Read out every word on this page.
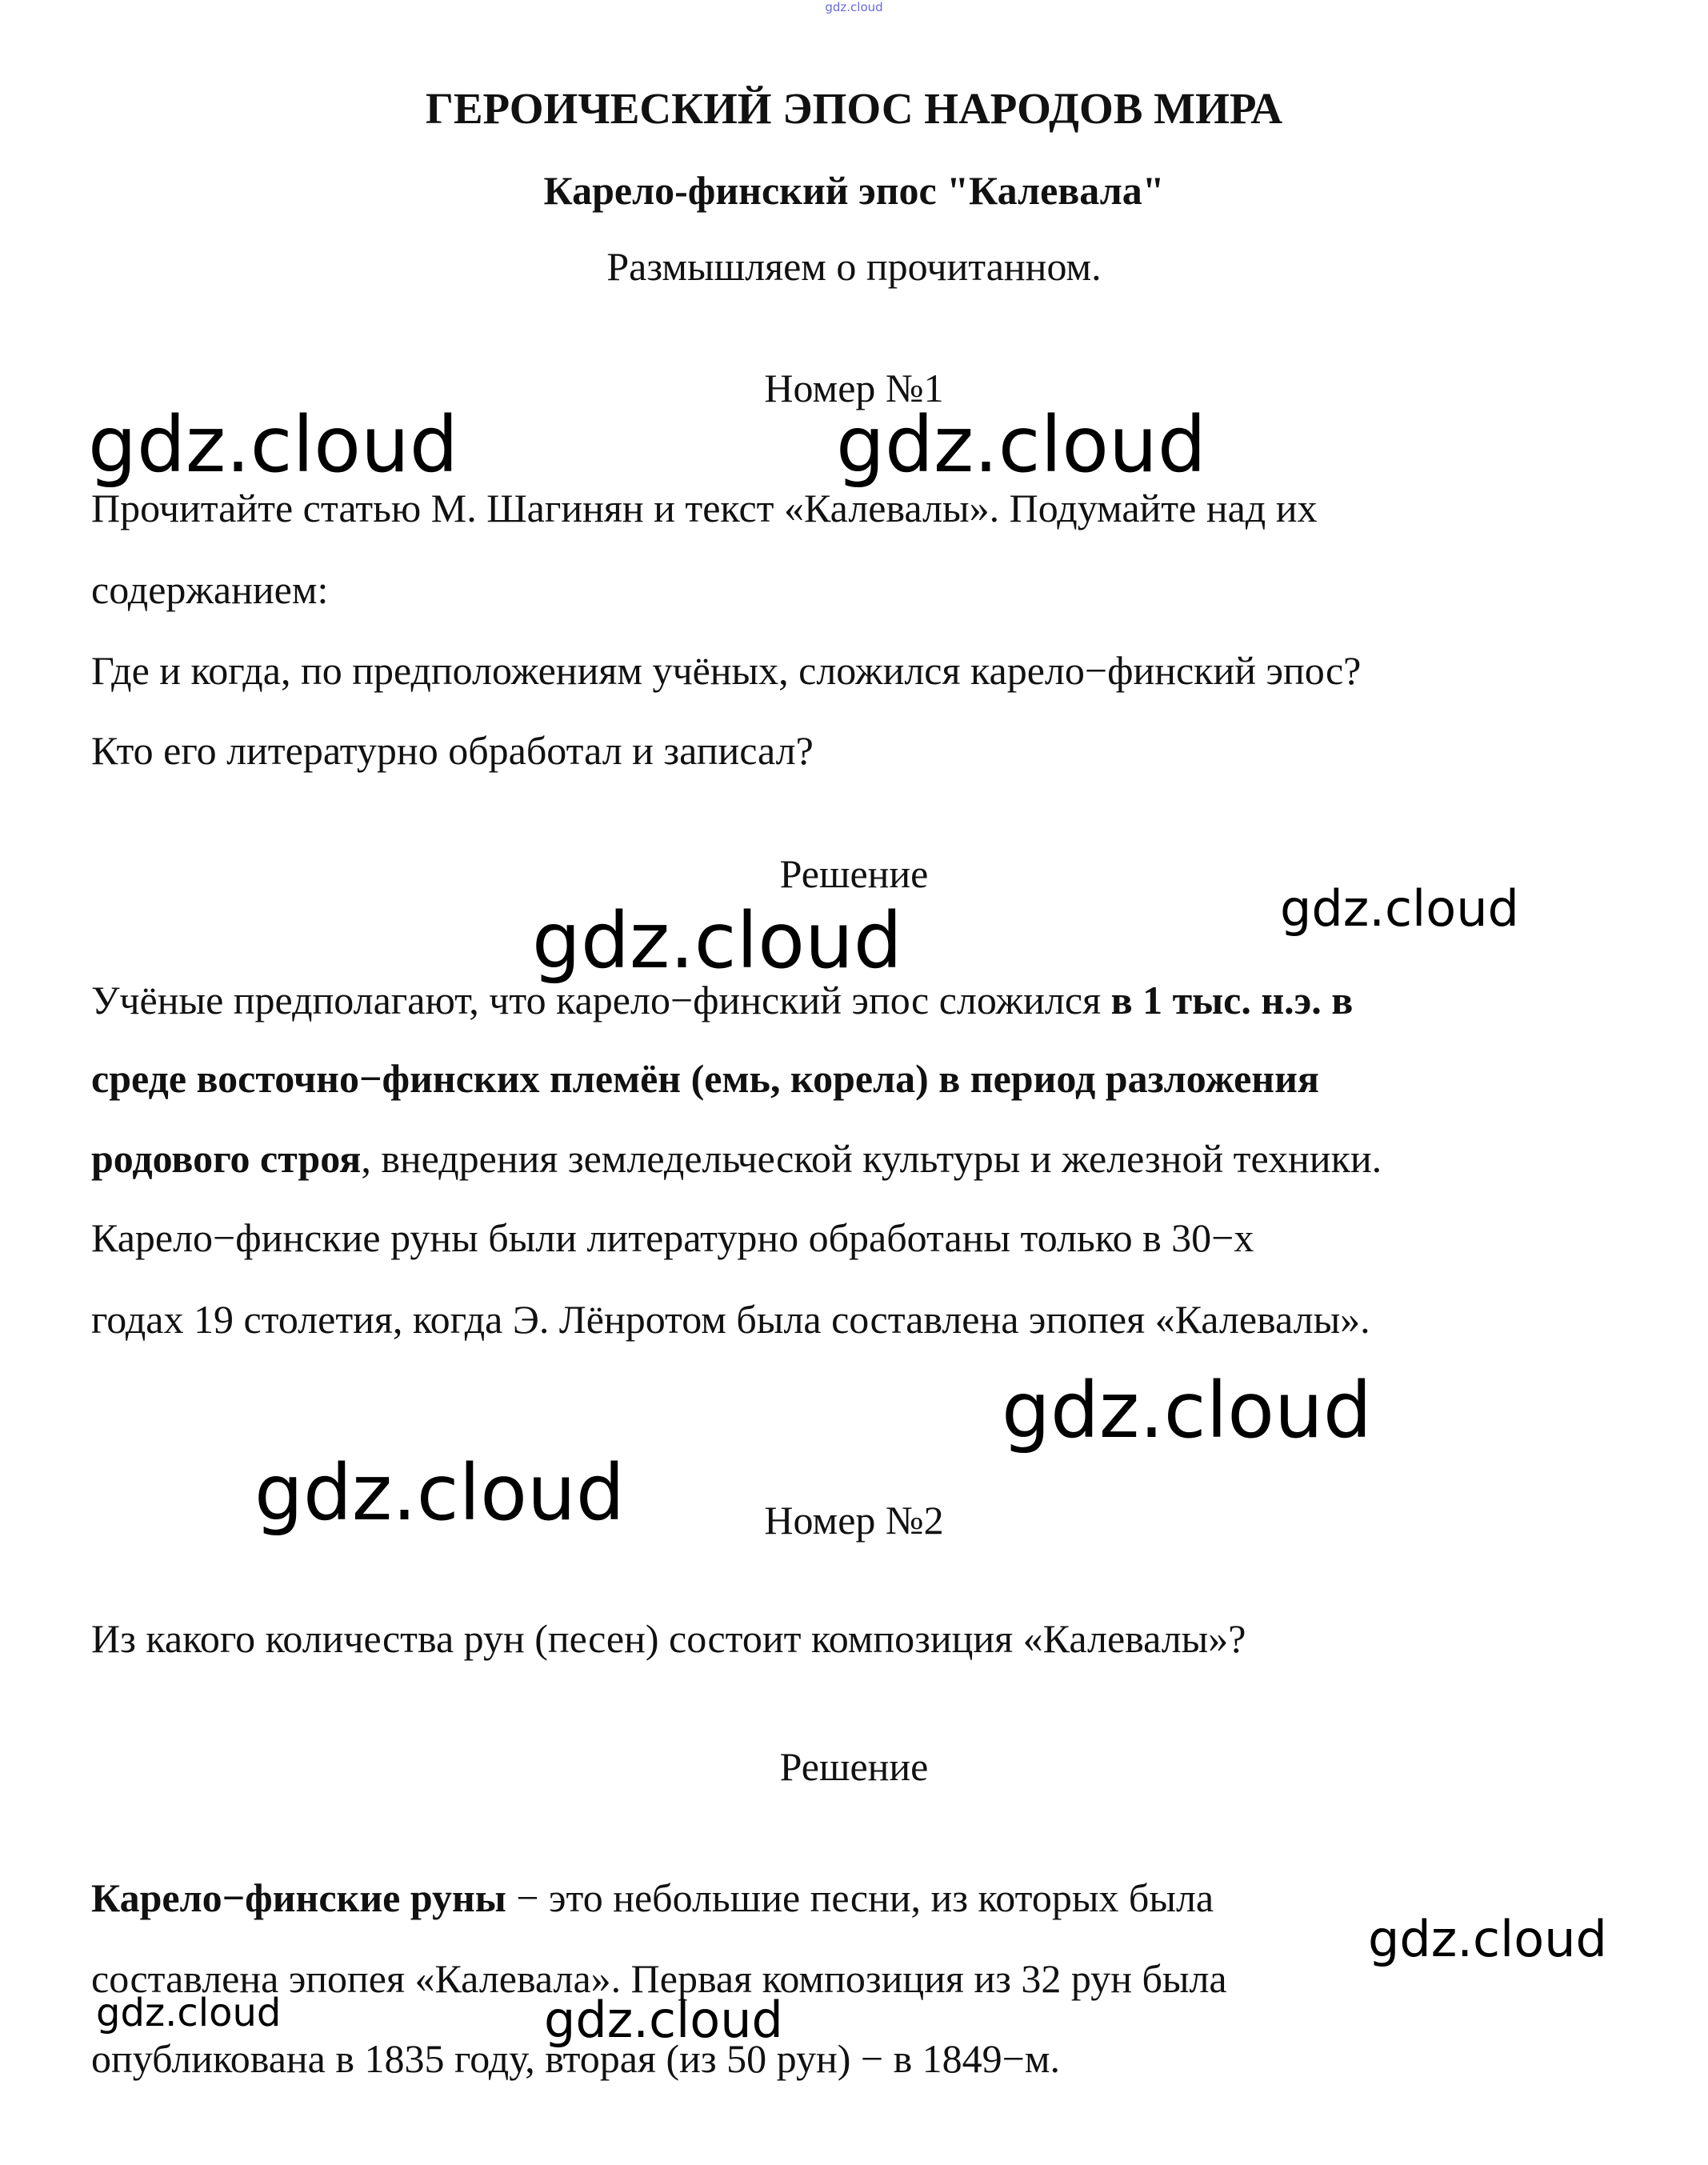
gdz.cloud
ГЕРОИЧЕСКИЙ ЭПОС НАРОДОВ МИРА
Карело-финский эпос "Калевала"
Размышляем о прочитанном.
Номер №1
gdz.cloud	gdz.cloud
Прочитайте статью М. Шагинян и текст «Калевалы». Подумайте над их
содержанием:
Где и когда, по предположениям учёных, сложился карело−финский эпос?
Кто его литературно обработал и записал?
Решение
gdz.cloud
gdz.cloud
Учёные предполагают, что карело−финский эпос сложился в 1 тыс. н.э. в
среде восточно−финских племён (емь, корела) в период разложения
родового строя, внедрения земледельческой культуры и железной техники.
Карело−финские руны были литературно обработаны только в 30−х
годах 19 столетия, когда Э. Лёнротом была составлена эпопея «Калевалы».
gdz.cloud
gdz.cloud	Номер №2
Из какого количества рун (песен) состоит композиция «Калевалы»?
Решение
Карело−финские руны − это небольшие песни, из которых была
gdz.cloud
составлена эпопея «Калевала». Первая композиция из 32 рун была
gdz.cloud	gdz.cloud
опубликована в 1835 году, вторая (из 50 рун) − в 1849−м.
